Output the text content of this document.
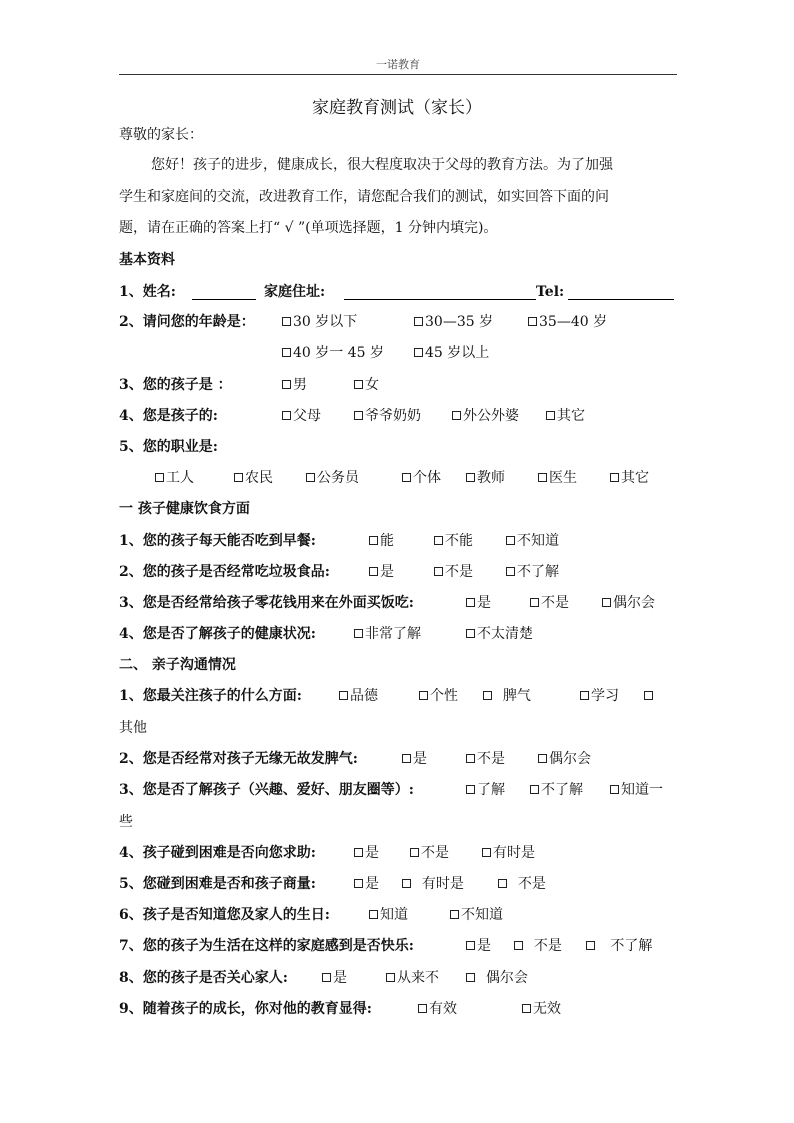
一诺教育
家庭教育测试（家长）
尊敬的家长：
您好！孩子的进步，健康成长，很大程度取决于父母的教育方法。为了加强
学生和家庭间的交流，改进教育工作，请您配合我们的测试，如实回答下面的问
题，请在正确的答案上打“ √ ”(单项选择题，1 分钟内填完)。
基本资料
1、姓名:	家庭住址:	Tel:
2、请问您的年龄是：	30 岁以下	30—35 岁	35—40 岁
40 岁一 45 岁	45 岁以上
3、您的孩子是 ：	男	女
4、您是孩子的:	父母	爷爷奶奶	外公外婆	其它
5、您的职业是:
工人	农民	公务员	个体	教师	医生	其它
一 孩子健康饮食方面
1、您的孩子每天能否吃到早餐:	能	不能	不知道
2、您的孩子是否经常吃垃圾食品:	是	不是	不了解
3、您是否经常给孩子零花钱用来在外面买饭吃:	是	不是	偶尔会
4、您是否了解孩子的健康状况:	非常了解	不太清楚
二、 亲子沟通情况
1、您最关注孩子的什么方面:	品德	个性	脾气	学习
其他
2、您是否经常对孩子无缘无故发脾气:	是	不是	偶尔会
3、您是否了解孩子（兴趣、爱好、朋友圈等）:	了解	不了解	知道一
些
4、孩子碰到困难是否向您求助:	是	不是	有时是
5、您碰到困难是否和孩子商量:	是	有时是	不是
6、孩子是否知道您及家人的生日:	知道	不知道
7、您的孩子为生活在这样的家庭感到是否快乐:	是	不是	不了解
8、您的孩子是否关心家人:	是	从来不	偶尔会
9、随着孩子的成长，你对他的教育显得:	有效	无效
